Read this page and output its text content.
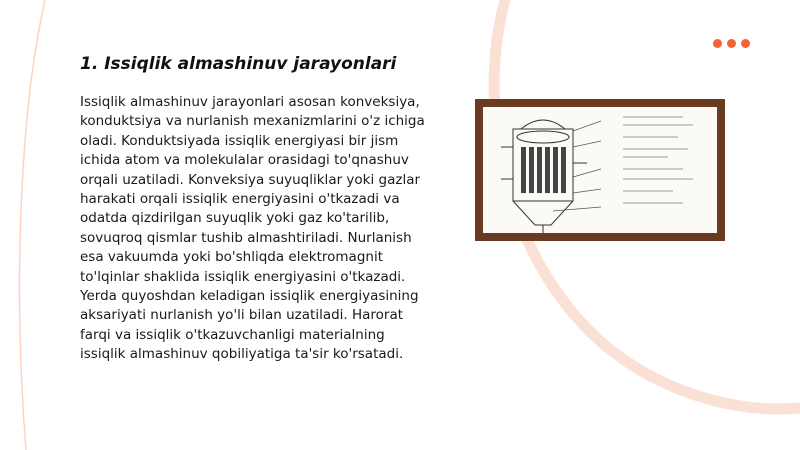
1. Issiqlik almashinuv jarayonlari

Issiqlik almashinuv jarayonlari asosan konveksiya, konduktsiya va nurlanish mexanizmlarini o'z ichiga oladi. Konduktsiyada issiqlik energiyasi bir jism ichida atom va molekulalar orasidagi to'qnashuv orqali uzatiladi. Konveksiya suyuqliklar yoki gazlar harakati orqali issiqlik energiyasini o'tkazadi va odatda qizdirilgan suyuqlik yoki gaz ko'tarilib, sovuqroq qismlar tushib almashtiriladi. Nurlanish esa vakuumda yoki bo'shliqda elektromagnit to'lqinlar shaklida issiqlik energiyasini o'tkazadi. Yerda quyoshdan keladigan issiqlik energiyasining aksariyati nurlanish yo'li bilan uzatiladi. Harorat farqi va issiqlik o'tkazuvchanligi materialning issiqlik almashinuv qobiliyatiga ta'sir ko'rsatadi.
